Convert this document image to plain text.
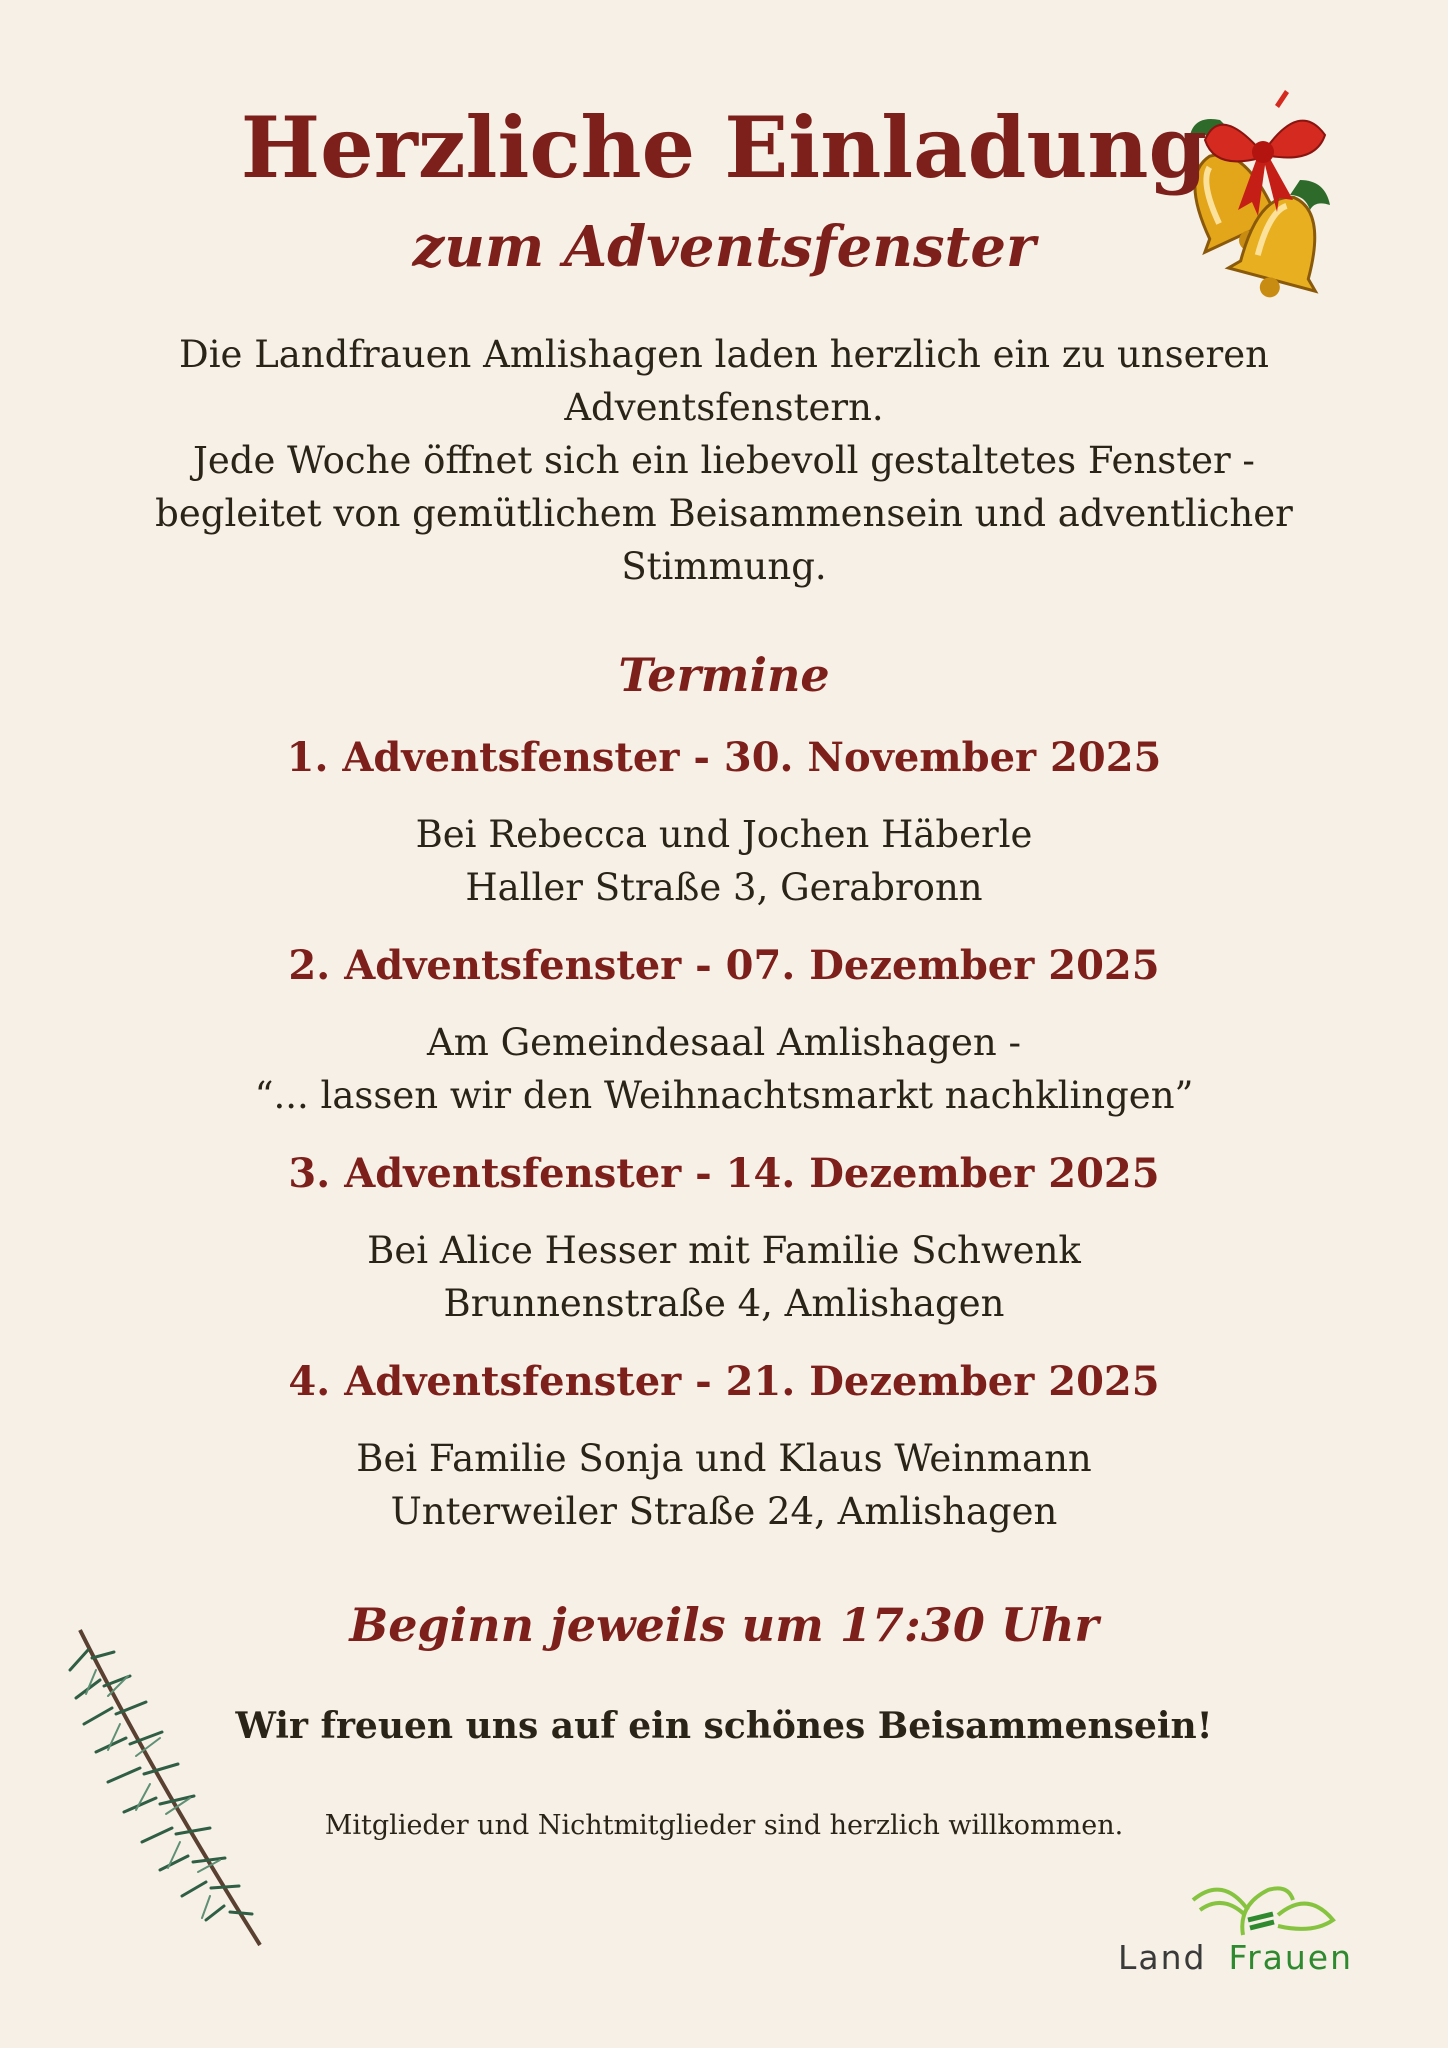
Herzliche Einladung
zum Adventsfenster

Die Landfrauen Amlishagen laden herzlich ein zu unseren Adventsfenstern.

Jede Woche öffnet sich ein liebevoll gestaltetes Fenster - begleitet von gemütlichem Beisammensein und adventlicher Stimmung.

Termine
1. Adventsfenster - 30. November 2025
Bei Rebecca und Jochen Häberle
Haller Straße 3, Gerabronn
2. Adventsfenster - 07. Dezember 2025
Am Gemeindesaal Amlishagen -
“... lassen wir den Weihnachtsmarkt nachklingen”
3. Adventsfenster - 14. Dezember 2025
Bei Alice Hesser mit Familie Schwenk
Brunnenstraße 4, Amlishagen
4. Adventsfenster - 21. Dezember 2025
Bei Familie Sonja und Klaus Weinmann
Unterweiler Straße 24, Amlishagen
Beginn jeweils um 17:30 Uhr
Wir freuen uns auf ein schönes Beisammensein!
Mitglieder und Nichtmitglieder sind herzlich willkommen.
Land Frauen
